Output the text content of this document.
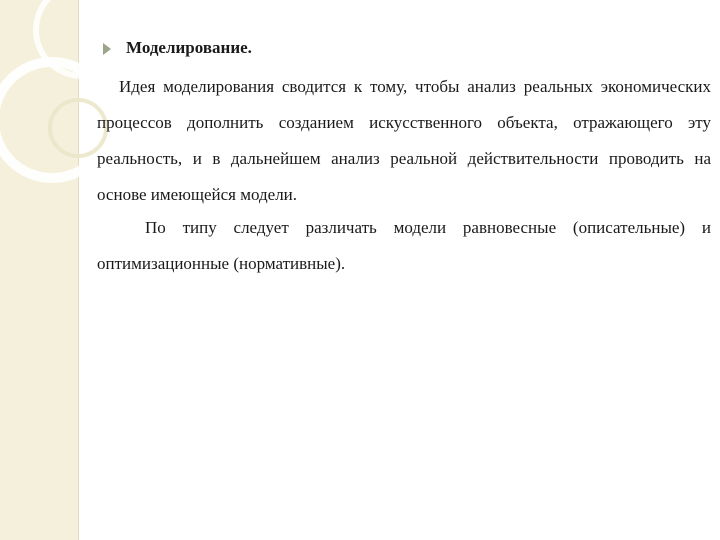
Моделирование.
Идея моделирования сводится к тому, чтобы анализ реальных экономических процессов дополнить созданием искусственного объекта, отражающего эту реальность, и в дальнейшем анализ реальной действительности проводить на основе имеющейся модели.
По типу следует различать модели равновесные (описательные) и оптимизационные (нормативные).
